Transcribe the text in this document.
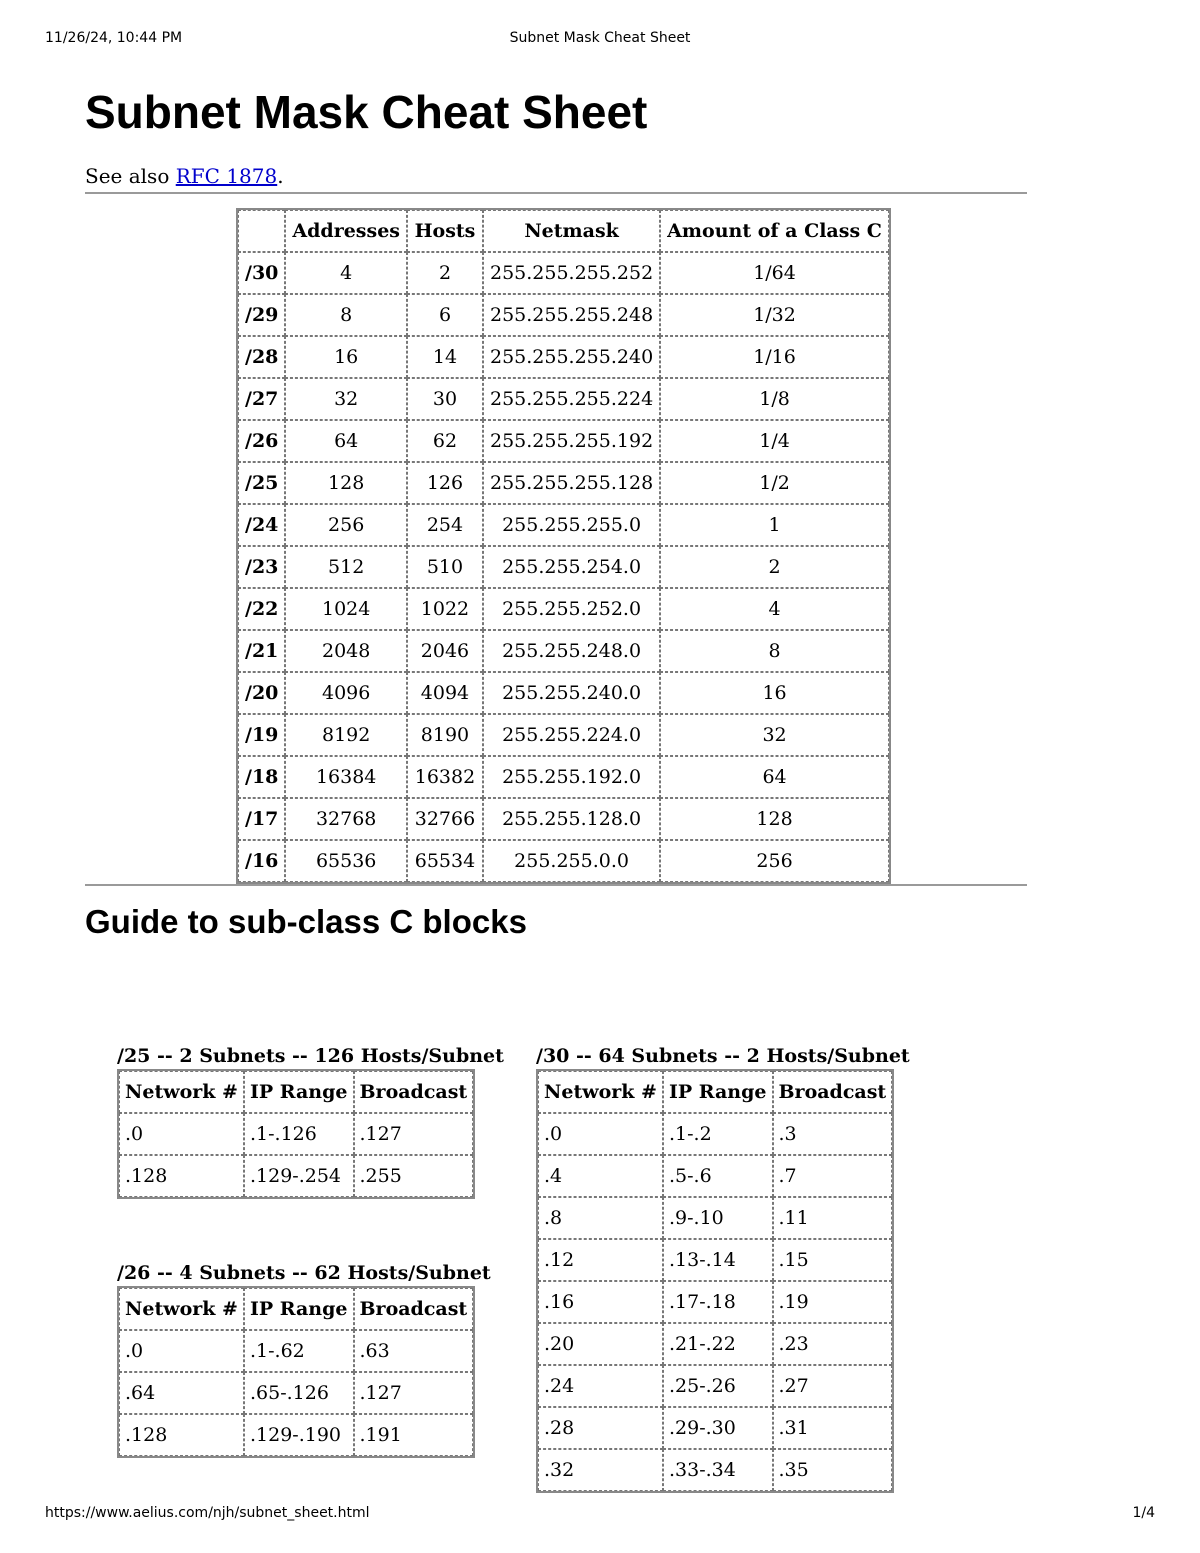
11/26/24, 10:44 PM	Subnet Mask Cheat Sheet
Subnet Mask Cheat Sheet
See also RFC 1878.
	Addresses	Hosts	Netmask	Amount of a Class C
/30	4	2	255.255.255.252	1/64
/29	8	6	255.255.255.248	1/32
/28	16	14	255.255.255.240	1/16
/27	32	30	255.255.255.224	1/8
/26	64	62	255.255.255.192	1/4
/25	128	126	255.255.255.128	1/2
/24	256	254	255.255.255.0	1
/23	512	510	255.255.254.0	2
/22	1024	1022	255.255.252.0	4
/21	2048	2046	255.255.248.0	8
/20	4096	4094	255.255.240.0	16
/19	8192	8190	255.255.224.0	32
/18	16384	16382	255.255.192.0	64
/17	32768	32766	255.255.128.0	128
/16	65536	65534	255.255.0.0	256
Guide to sub-class C blocks
/25 -- 2 Subnets -- 126 Hosts/Subnet
Network #	IP Range	Broadcast
.0	.1-.126	.127
.128	.129-.254	.255
/26 -- 4 Subnets -- 62 Hosts/Subnet
Network #	IP Range	Broadcast
.0	.1-.62	.63
.64	.65-.126	.127
.128	.129-.190	.191
/30 -- 64 Subnets -- 2 Hosts/Subnet
Network #	IP Range	Broadcast
.0	.1-.2	.3
.4	.5-.6	.7
.8	.9-.10	.11
.12	.13-.14	.15
.16	.17-.18	.19
.20	.21-.22	.23
.24	.25-.26	.27
.28	.29-.30	.31
.32	.33-.34	.35
https://www.aelius.com/njh/subnet_sheet.html	1/4
